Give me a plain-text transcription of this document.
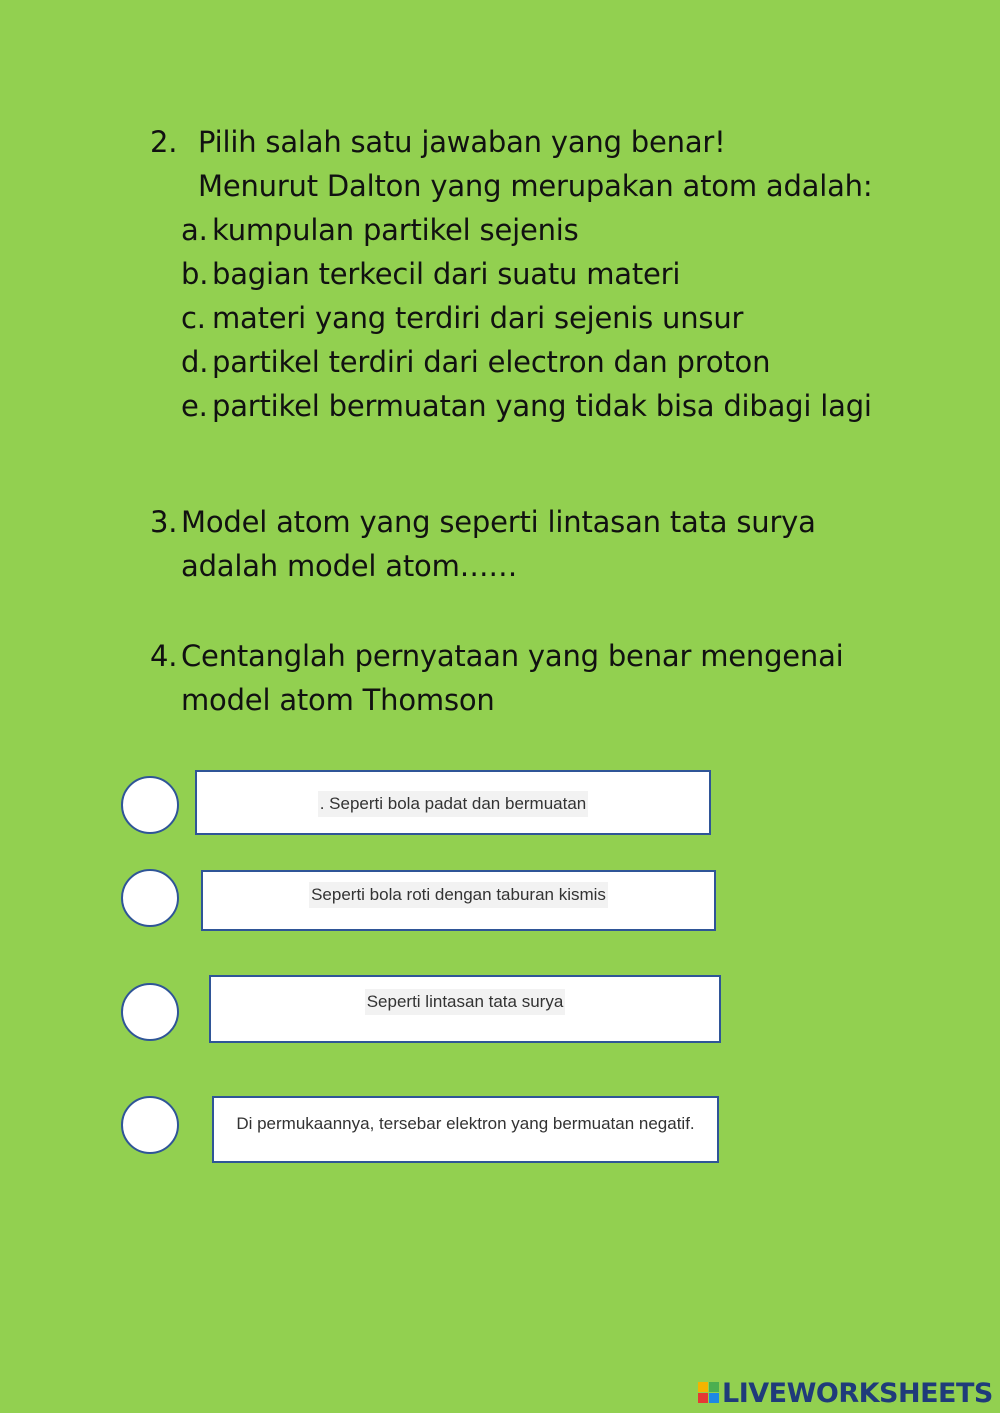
2. Pilih salah satu jawaban yang benar!
Menurut Dalton yang merupakan atom adalah:
a. kumpulan partikel sejenis
b. bagian terkecil dari suatu materi
c. materi yang terdiri dari sejenis unsur
d. partikel terdiri dari electron dan proton
e. partikel bermuatan yang tidak bisa dibagi lagi
3. Model atom yang seperti lintasan tata surya
adalah model atom……
4. Centanglah pernyataan yang benar mengenai
model atom Thomson
. Seperti bola padat dan bermuatan
Seperti bola roti dengan taburan kismis
Seperti lintasan tata surya
Di permukaannya, tersebar elektron yang bermuatan negatif.
LIVEWORKSHEETS
